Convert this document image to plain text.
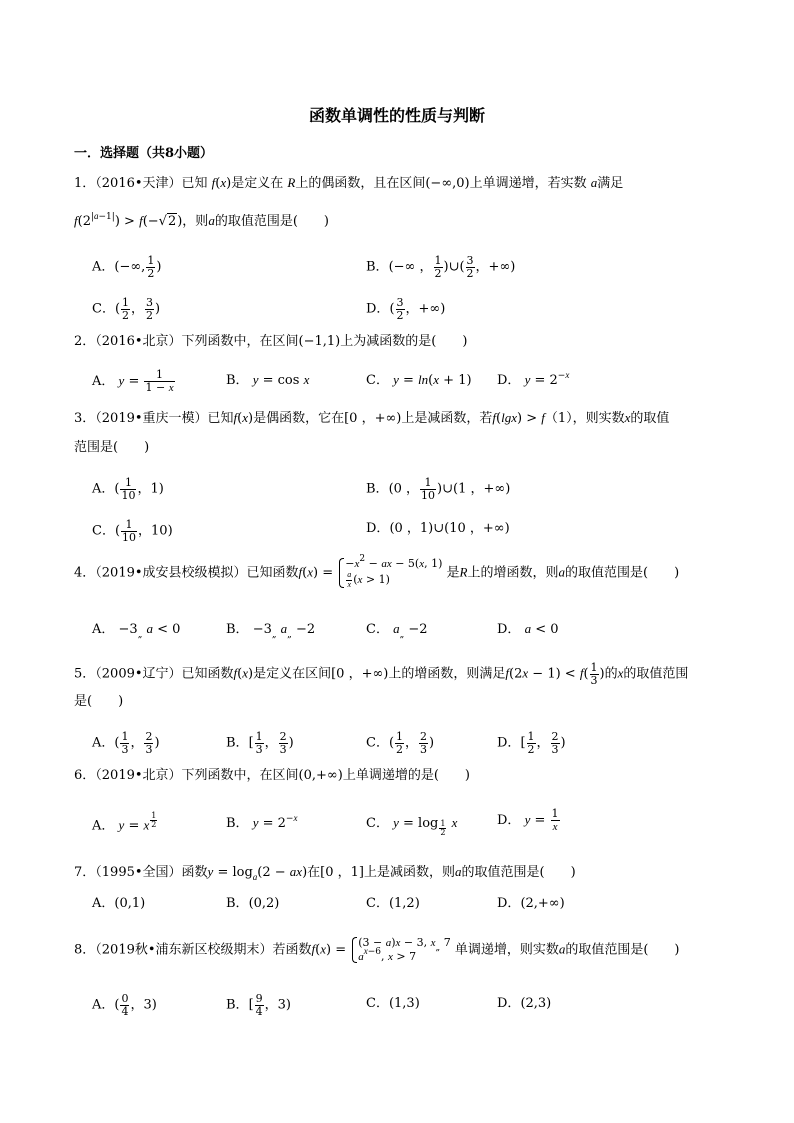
函数单调性的性质与判断
一．选择题（共8小题）
1．（2016•天津）已知 f(x)是定义在 R上的偶函数，且在区间(−∞,0)上单调递增，若实数 a满足
$f(2^{|a-1|}) > f(-√2)$，则a的取值范围是(　　)
A．(−∞, $\frac{1}{2}$ )	B．(−∞ ， $\frac{1}{2}$ )∪( $\frac{3}{2}$ ，+∞)
C．( $\frac{1}{2}$ ， $\frac{3}{2}$ )	D．( $\frac{3}{2}$ ，+∞)
2．（2016•北京）下列函数中，在区间(−1,1)上为减函数的是(　　)
A． $y = \frac{1}{1 - x}$	B． y = cos x	C． y = ln(x + 1) D． $y = 2^{-x}$
3．（2019•重庆一模）已知f(x)是偶函数，它在[0 ，+∞)上是减函数，若f(lgx) > f（1），则实数x的取值
范围是(　　)
A．( $\frac{1}{10}$ ，1)	B．(0 ， $\frac{1}{10}$ )∪(1 ，+∞)
C．( $\frac{1}{10}$ ，10)	D．(0 ，1)∪(10 ，+∞)
4．（2019•成安县校级模拟）已知函数f(x) =
$-x^2$ − ax − 5(x, 1)
$\frac{a}{x} (x > 1)$	是R上的增函数，则a的取值范围是(　　)
A． $-3_„$ a < 0	B． $-3_„$ $a_„ -2$	C． $a_„ -2$	D． a < 0
5．（2009•辽宁）已知函数f(x)是定义在区间[0 ，+∞)上的增函数，则满足$f(2x - 1) < f( \frac{1}{3}$ )的x的取值范围
是(　　)
A．( $\frac{1}{3}$ ， $\frac{2}{3}$ )	B．[ $\frac{1}{3}$ ， $\frac{2}{3}$ )	C．( $\frac{1}{2}$ ， $\frac{2}{3}$ )	D．[ $\frac{1}{2}$ ， $\frac{2}{3}$ )
6．（2019•北京）下列函数中，在区间(0,+∞)上单调递增的是(　　)
A． y = x $^{\frac{1}{2}}$	B． $y = 2^{-x}$	C． y = log $_{\frac{1}{2}}$ x	D． $y = \frac{1}{x}$
7．（1995•全国）函数$y = \log_a(2 - ax)$在[0 ，1]上是减函数，则a的取值范围是(　　)
A．(0,1)	B．(0,2)	C．(1,2)	D．(2,+∞)
8．（2019秋•浦东新区校级期末）若函数f(x) =
(3 − a)x − 3, $x_„$ 7
$a^{x-6}$, x > 7	单调递增，则实数a的取值范围是(　　)
A．( $\frac{0}{4}$ ，3)	B．[ $\frac{9}{4}$ ，3)	C．(1,3)	D．(2,3)
